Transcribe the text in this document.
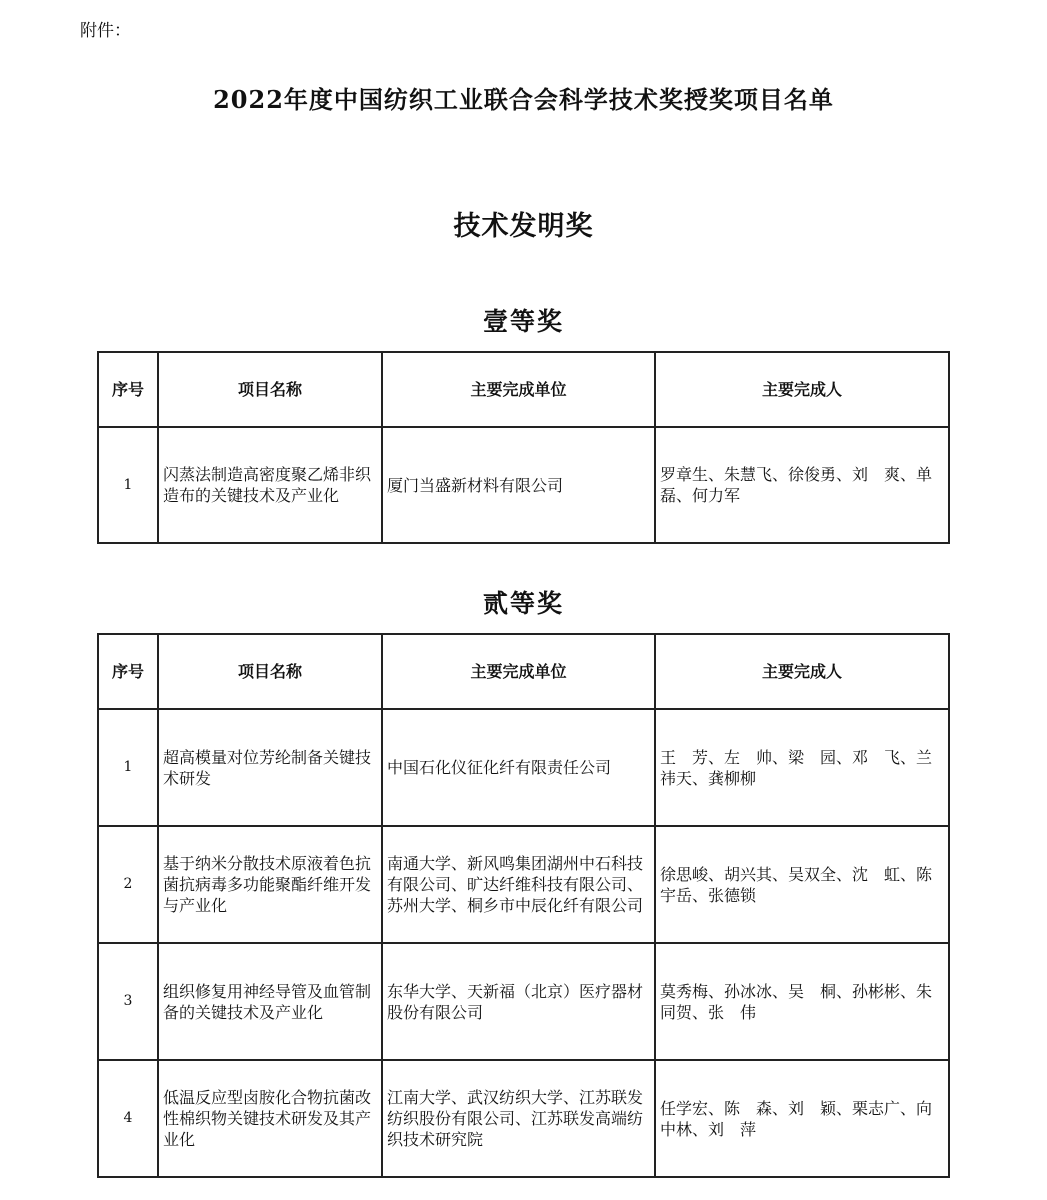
附件：
2022年度中国纺织工业联合会科学技术奖授奖项目名单
技术发明奖
壹等奖
序号	项目名称	主要完成单位	主要完成人
1	闪蒸法制造高密度聚乙烯非织造布的关键技术及产业化	厦门当盛新材料有限公司	罗章生、朱慧飞、徐俊勇、刘　爽、单　磊、何力军
贰等奖
序号	项目名称	主要完成单位	主要完成人
1	超高模量对位芳纶制备关键技术研发	中国石化仪征化纤有限责任公司	王　芳、左　帅、梁　园、邓　飞、兰祎天、龚柳柳
2	基于纳米分散技术原液着色抗菌抗病毒多功能聚酯纤维开发与产业化	南通大学、新风鸣集团湖州中石科技有限公司、旷达纤维科技有限公司、苏州大学、桐乡市中辰化纤有限公司	徐思峻、胡兴其、吴双全、沈　虹、陈宇岳、张德锁
3	组织修复用神经导管及血管制备的关键技术及产业化	东华大学、天新福（北京）医疗器材股份有限公司	莫秀梅、孙冰冰、吴　桐、孙彬彬、朱同贺、张　伟
4	低温反应型卤胺化合物抗菌改性棉织物关键技术研发及其产业化	江南大学、武汉纺织大学、江苏联发纺织股份有限公司、江苏联发高端纺织技术研究院	任学宏、陈　森、刘　颖、栗志广、向中林、刘　萍
